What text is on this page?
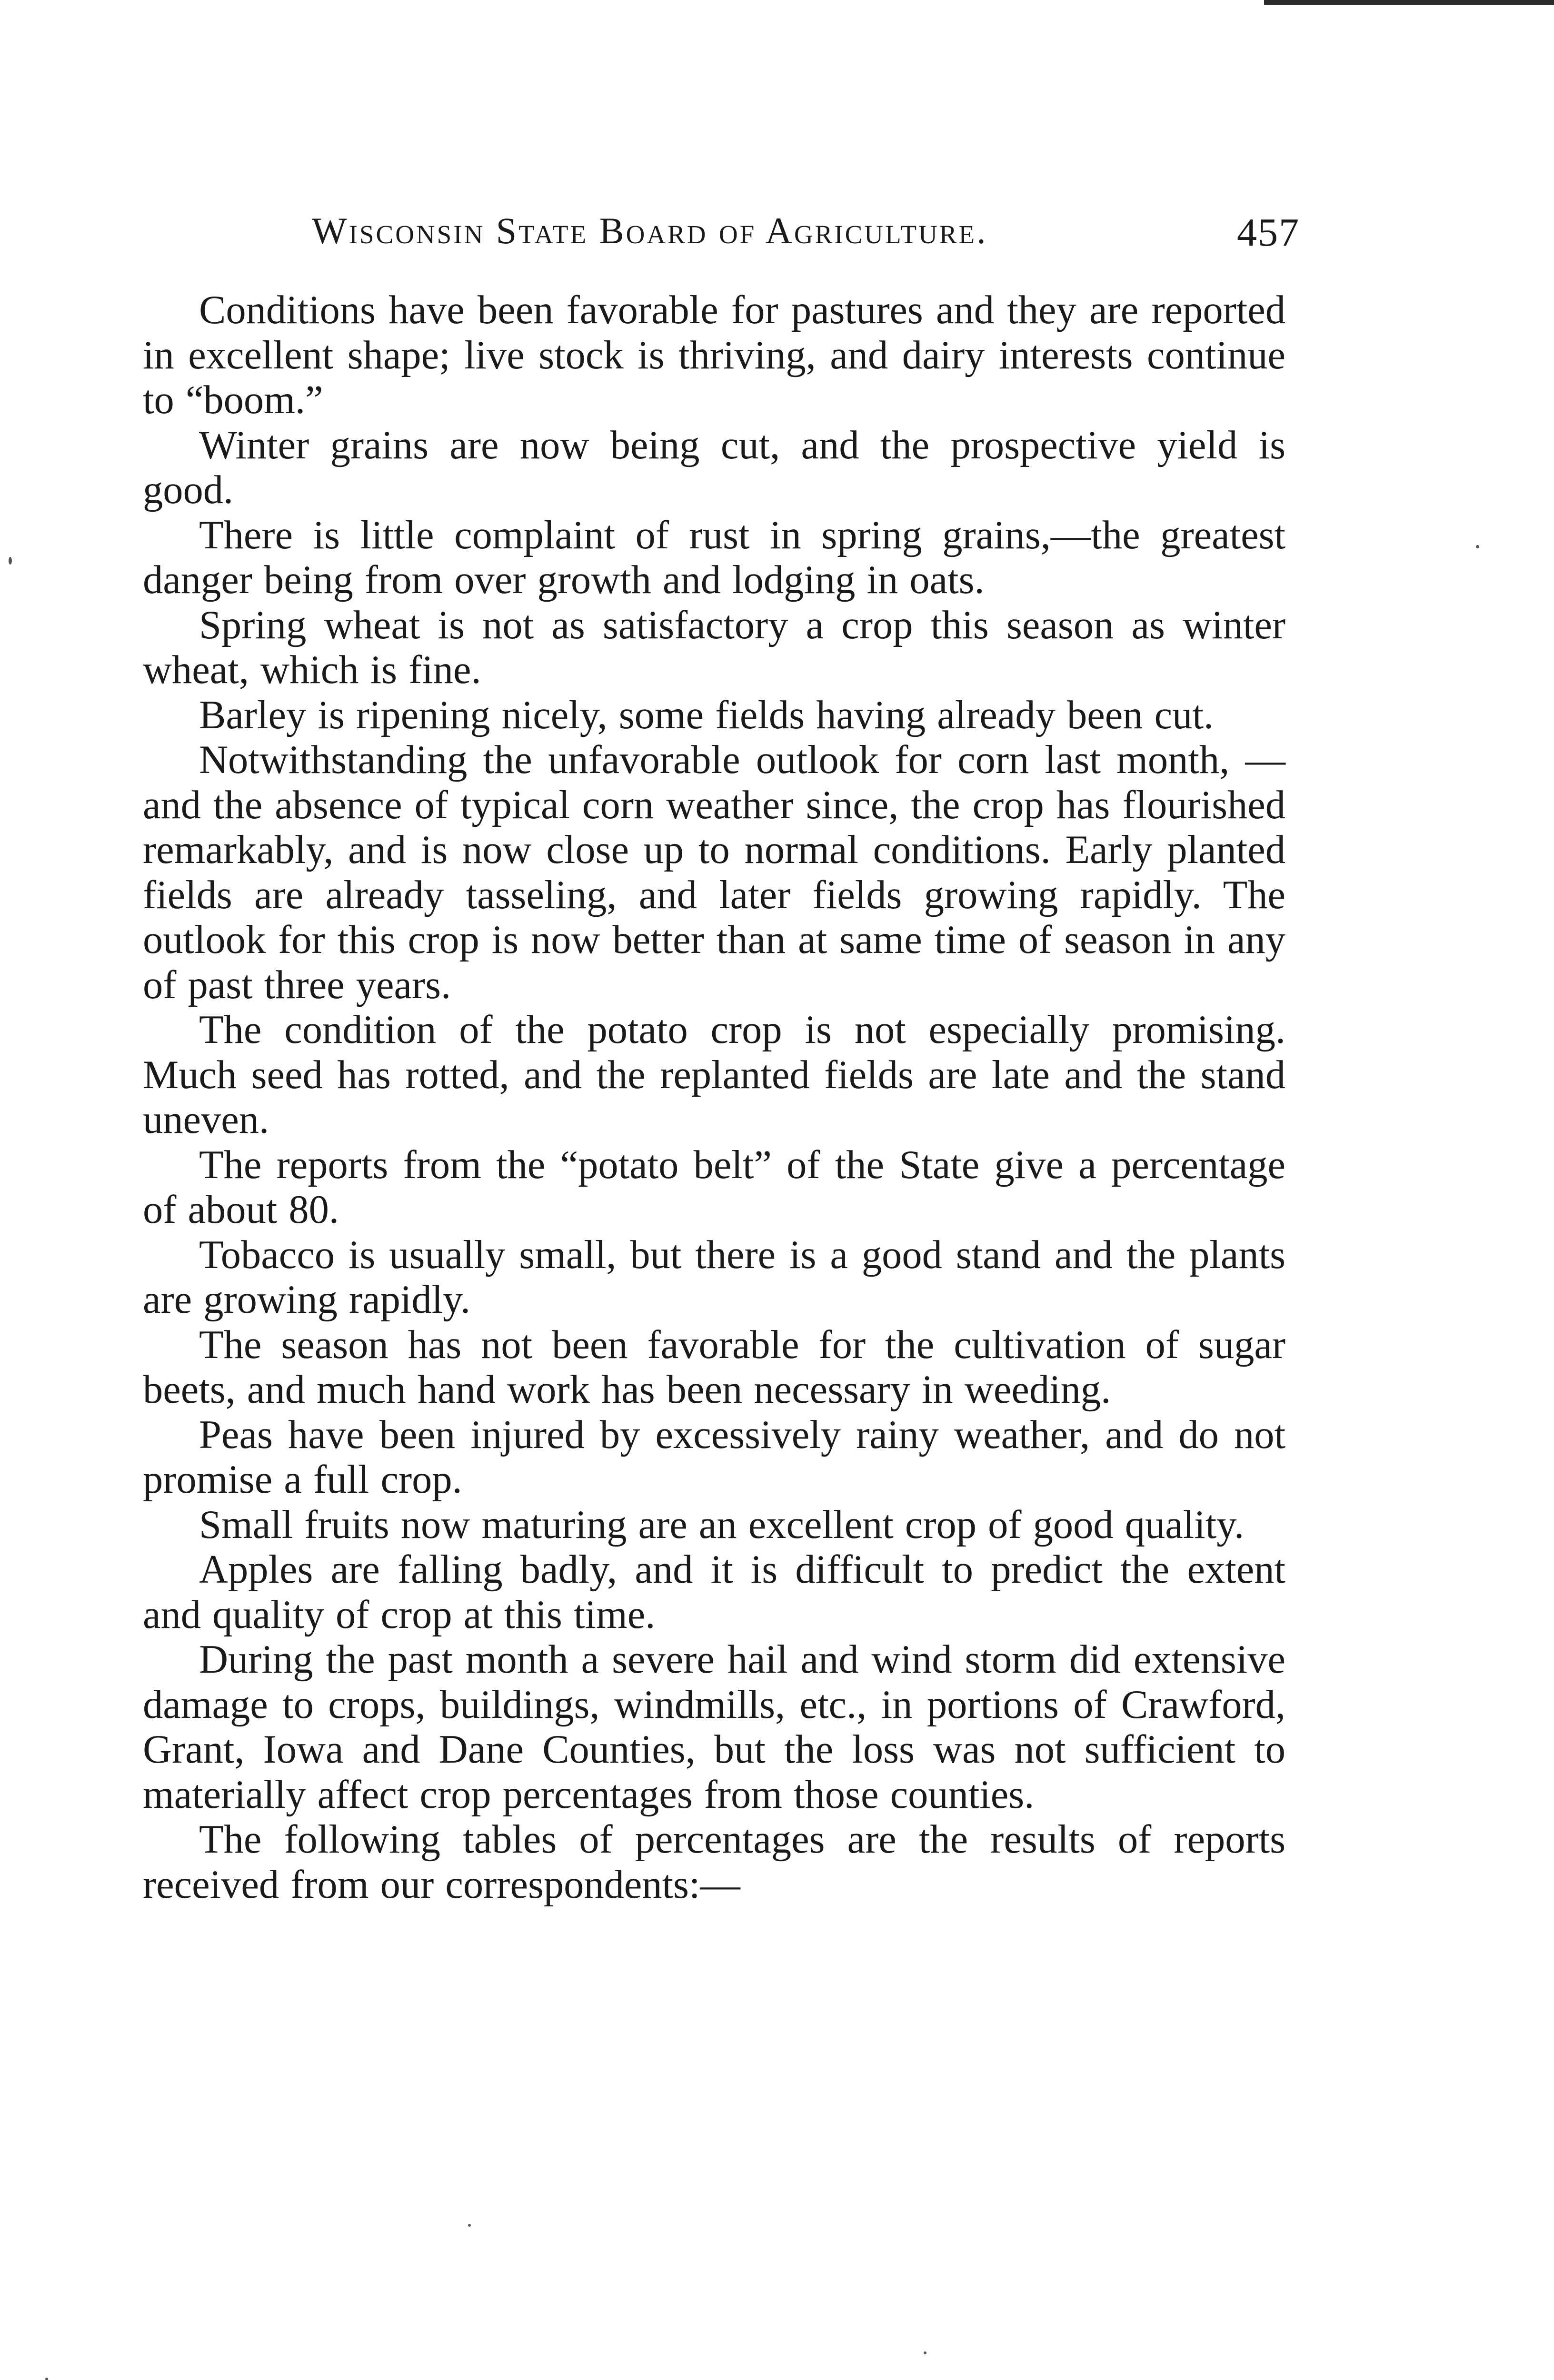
Wisconsin State Board of Agriculture.	457

Conditions have been favorable for pastures and they are reported in excellent shape; live stock is thriving, and dairy interests continue to “boom.”

Winter grains are now being cut, and the prospective yield is good.

There is little complaint of rust in spring grains,—the greatest danger being from over growth and lodging in oats.

Spring wheat is not as satisfactory a crop this season as winter wheat, which is fine.

Barley is ripening nicely, some fields having already been cut.

Notwithstanding the unfavorable outlook for corn last month, —and the absence of typical corn weather since, the crop has flourished remarkably, and is now close up to normal conditions. Early planted fields are already tasseling, and later fields growing rapidly. The outlook for this crop is now better than at same time of season in any of past three years.

The condition of the potato crop is not especially promising. Much seed has rotted, and the replanted fields are late and the stand uneven.

The reports from the “potato belt” of the State give a percentage of about 80.

Tobacco is usually small, but there is a good stand and the plants are growing rapidly.

The season has not been favorable for the cultivation of sugar beets, and much hand work has been necessary in weeding.

Peas have been injured by excessively rainy weather, and do not promise a full crop.

Small fruits now maturing are an excellent crop of good quality.

Apples are falling badly, and it is difficult to predict the extent and quality of crop at this time.

During the past month a severe hail and wind storm did extensive damage to crops, buildings, windmills, etc., in portions of Crawford, Grant, Iowa and Dane Counties, but the loss was not sufficient to materially affect crop percentages from those counties.

The following tables of percentages are the results of reports received from our correspondents:—
